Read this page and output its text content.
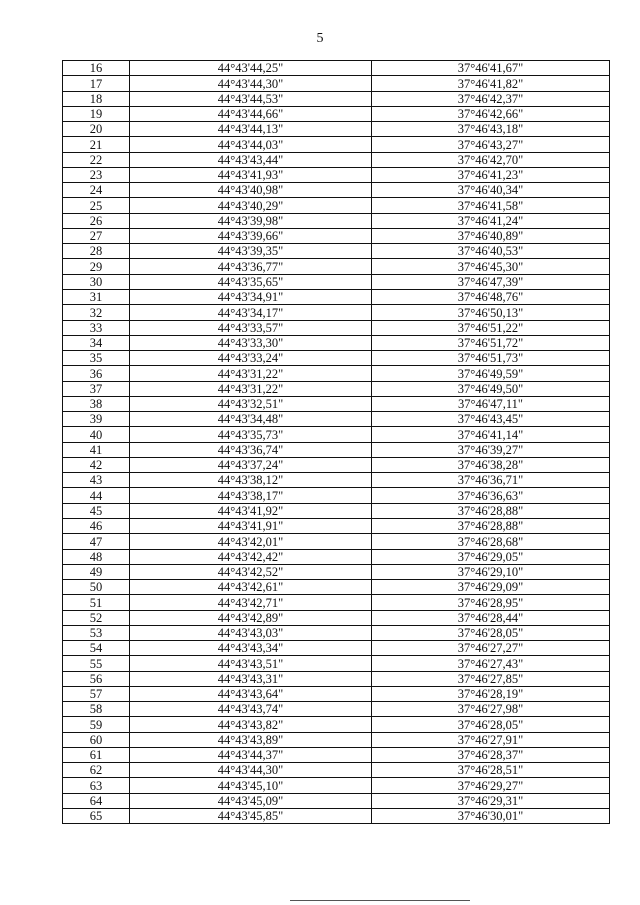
5
16	44°43'44,25"	37°46'41,67"
17	44°43'44,30"	37°46'41,82"
18	44°43'44,53"	37°46'42,37"
19	44°43'44,66"	37°46'42,66"
20	44°43'44,13"	37°46'43,18"
21	44°43'44,03"	37°46'43,27"
22	44°43'43,44"	37°46'42,70"
23	44°43'41,93"	37°46'41,23"
24	44°43'40,98"	37°46'40,34"
25	44°43'40,29"	37°46'41,58"
26	44°43'39,98"	37°46'41,24"
27	44°43'39,66"	37°46'40,89"
28	44°43'39,35"	37°46'40,53"
29	44°43'36,77"	37°46'45,30"
30	44°43'35,65"	37°46'47,39"
31	44°43'34,91"	37°46'48,76"
32	44°43'34,17"	37°46'50,13"
33	44°43'33,57"	37°46'51,22"
34	44°43'33,30"	37°46'51,72"
35	44°43'33,24"	37°46'51,73"
36	44°43'31,22"	37°46'49,59"
37	44°43'31,22"	37°46'49,50"
38	44°43'32,51"	37°46'47,11"
39	44°43'34,48"	37°46'43,45"
40	44°43'35,73"	37°46'41,14"
41	44°43'36,74"	37°46'39,27"
42	44°43'37,24"	37°46'38,28"
43	44°43'38,12"	37°46'36,71"
44	44°43'38,17"	37°46'36,63"
45	44°43'41,92"	37°46'28,88"
46	44°43'41,91"	37°46'28,88"
47	44°43'42,01"	37°46'28,68"
48	44°43'42,42"	37°46'29,05"
49	44°43'42,52"	37°46'29,10"
50	44°43'42,61"	37°46'29,09"
51	44°43'42,71"	37°46'28,95"
52	44°43'42,89"	37°46'28,44"
53	44°43'43,03"	37°46'28,05"
54	44°43'43,34"	37°46'27,27"
55	44°43'43,51"	37°46'27,43"
56	44°43'43,31"	37°46'27,85"
57	44°43'43,64"	37°46'28,19"
58	44°43'43,74"	37°46'27,98"
59	44°43'43,82"	37°46'28,05"
60	44°43'43,89"	37°46'27,91"
61	44°43'44,37"	37°46'28,37"
62	44°43'44,30"	37°46'28,51"
63	44°43'45,10"	37°46'29,27"
64	44°43'45,09"	37°46'29,31"
65	44°43'45,85"	37°46'30,01"
